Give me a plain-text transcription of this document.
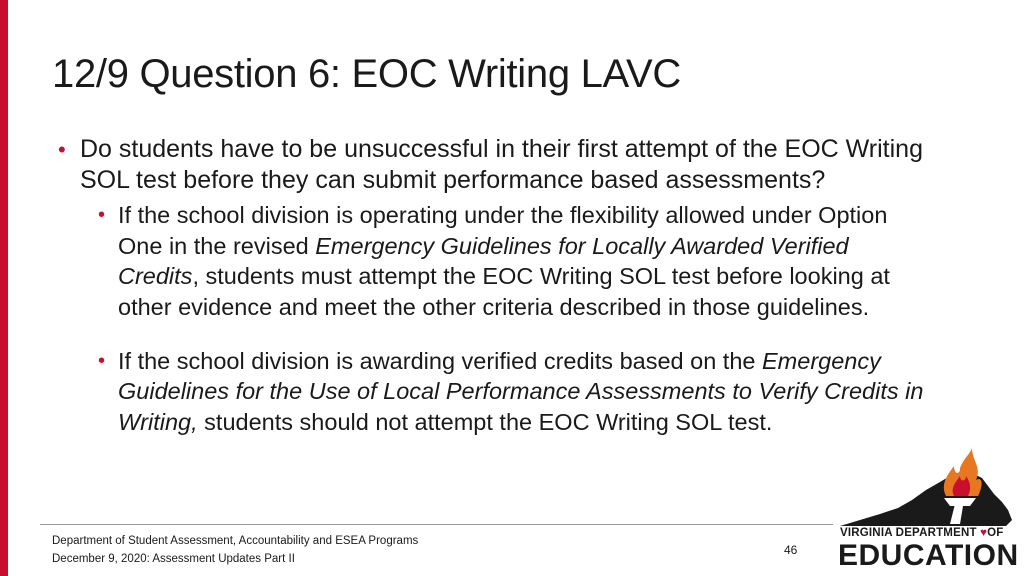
12/9 Question 6: EOC Writing LAVC

• Do students have to be unsuccessful in their first attempt of the EOC Writing SOL test before they can submit performance based assessments?

• If the school division is operating under the flexibility allowed under Option One in the revised Emergency Guidelines for Locally Awarded Verified Credits, students must attempt the EOC Writing SOL test before looking at other evidence and meet the other criteria described in those guidelines.

• If the school division is awarding verified credits based on the Emergency Guidelines for the Use of Local Performance Assessments to Verify Credits in Writing, students should not attempt the EOC Writing SOL test.

Department of Student Assessment, Accountability and ESEA Programs
December 9, 2020: Assessment Updates Part II
46
VIRGINIA DEPARTMENT ♥OF
EDUCATION
